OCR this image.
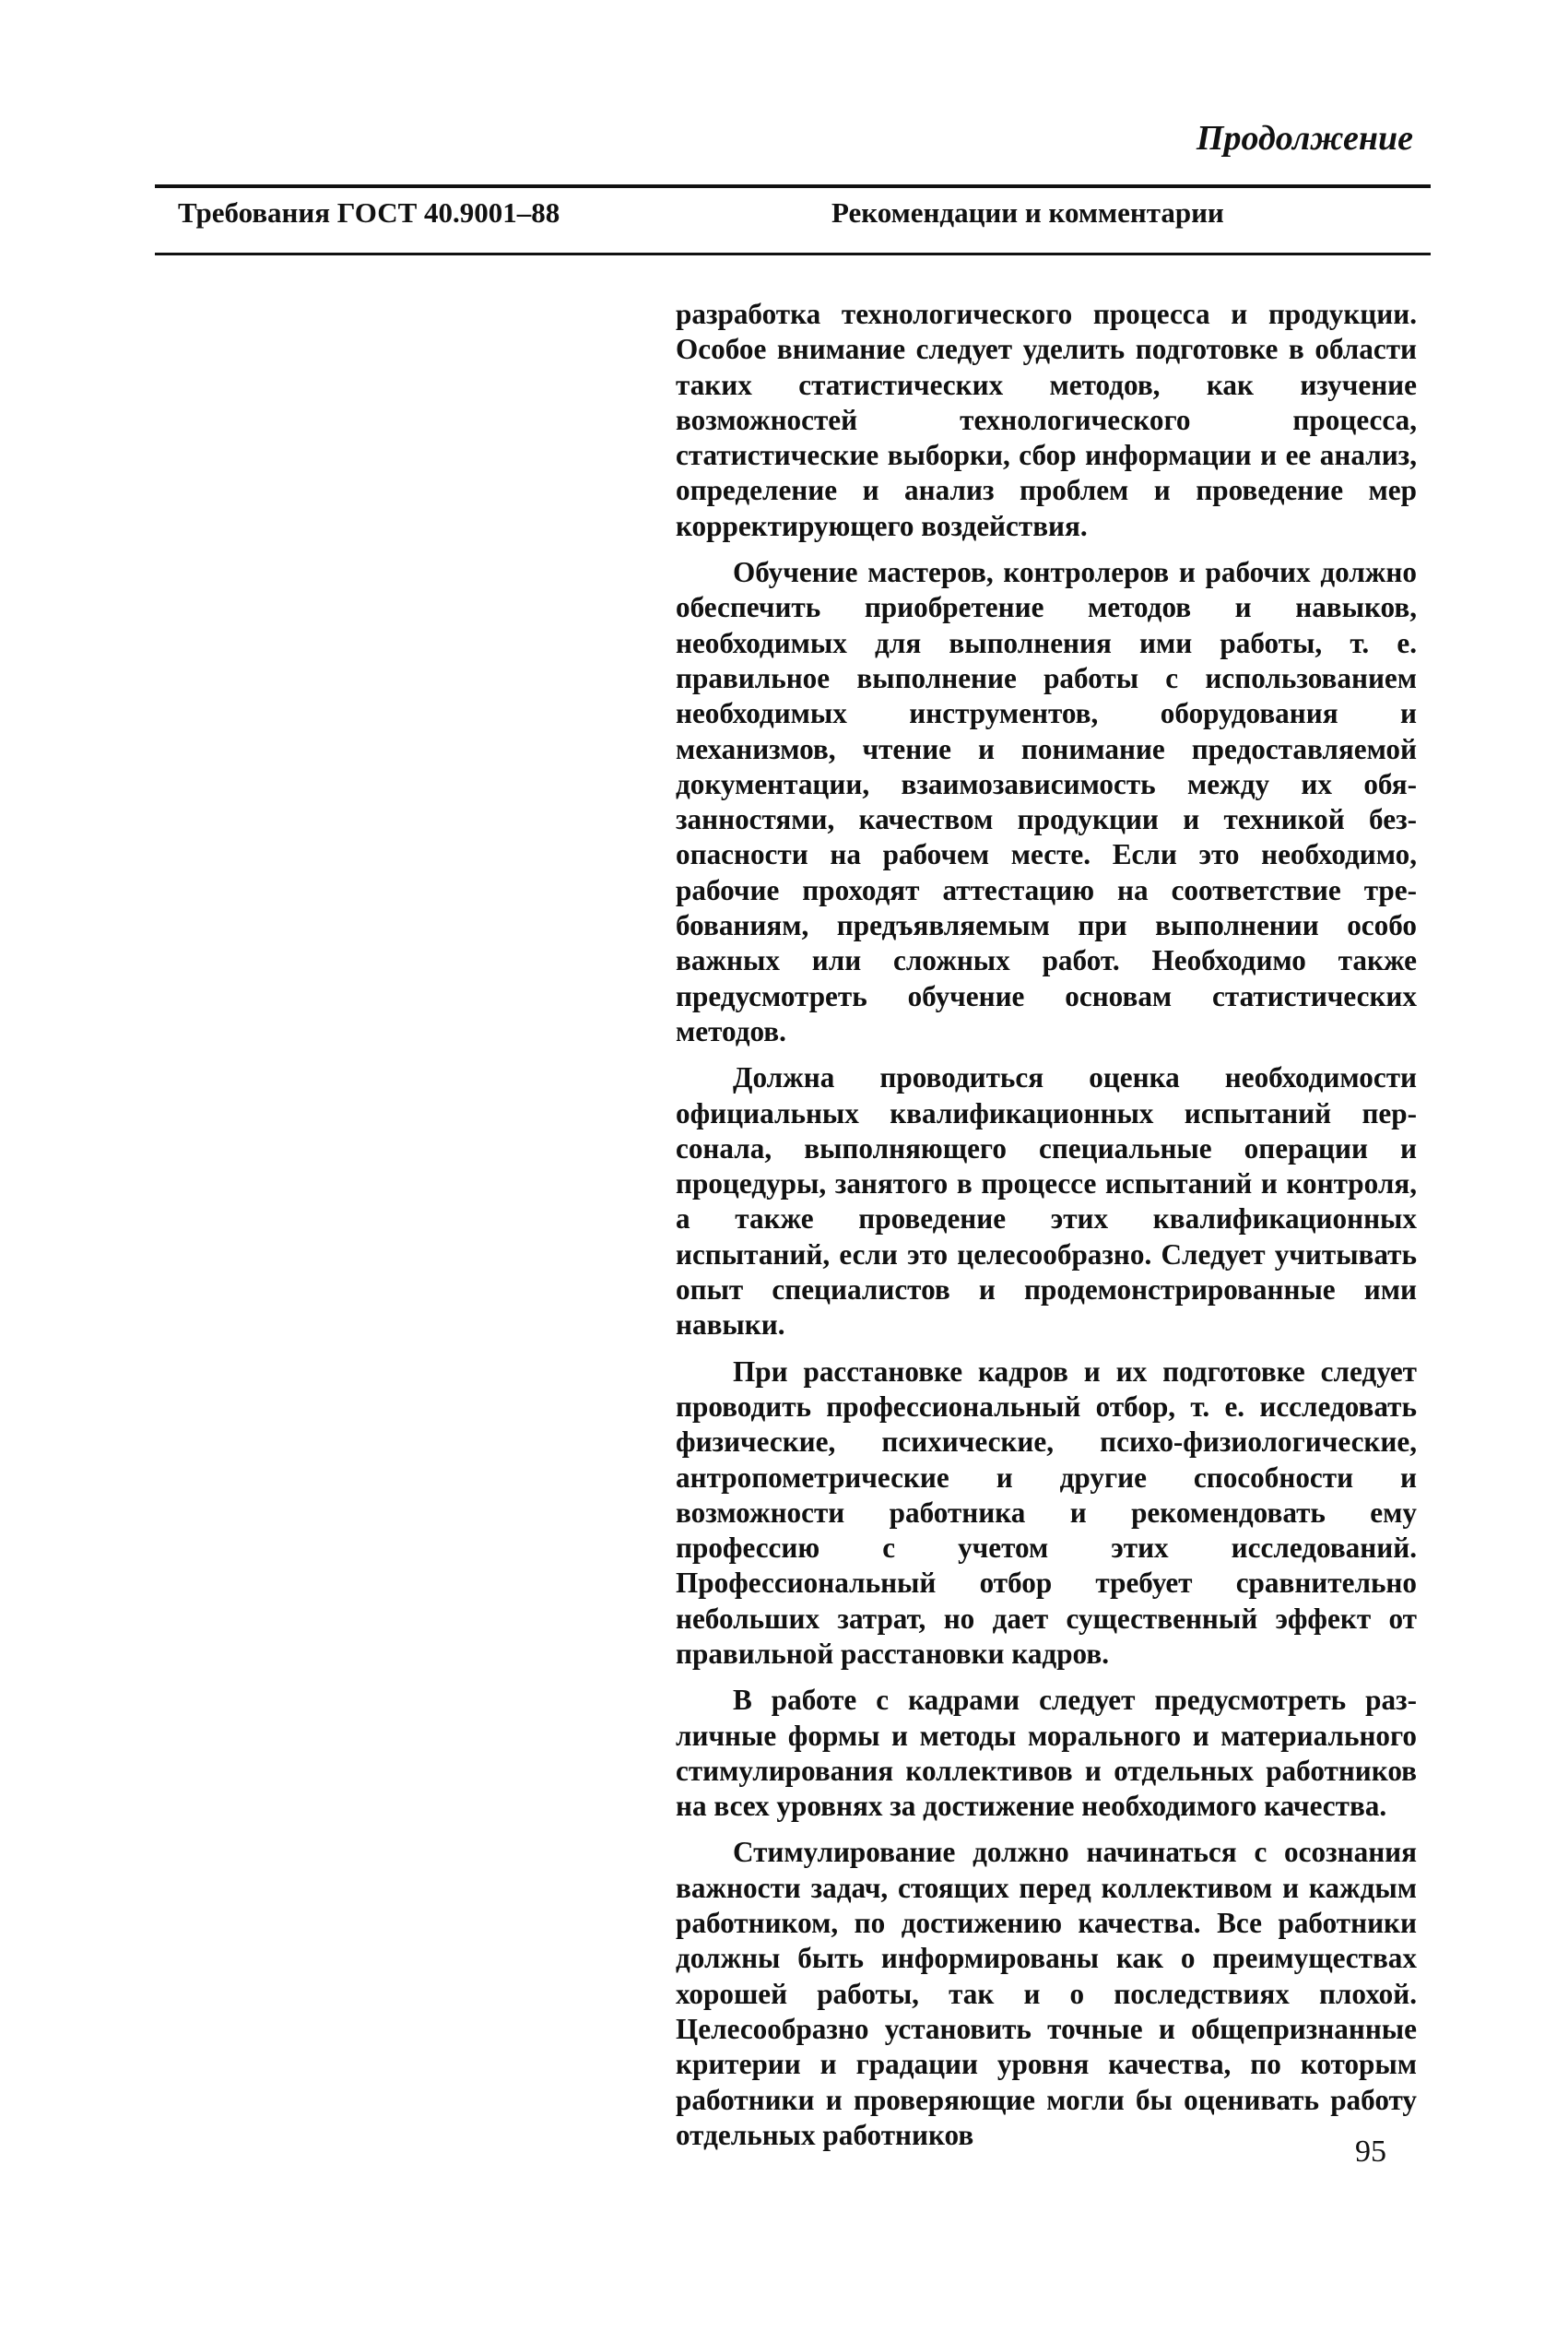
Продолжение

Требования ГОСТ 40.9001–88	Рекомендации и комментарии

разработка технологического процесса и продукции. Особое внимание следует уделить подготовке в области таких статистических методов, как изучение возможностей технологического процесса, статистические выборки, сбор информации и ее анализ, определение и анализ проблем и проведение мер корректирующего воздействия.

Обучение мастеров, контролеров и рабочих должно обеспечить приобретение методов и навыков, необходимых для выполнения ими работы, т. е. правильное выполнение работы с использованием необходимых инструментов, оборудования и механизмов, чтение и понимание предоставляемой документации, взаимозависимость между их обязанностями, качеством продукции и техникой безопасности на рабочем месте. Если это необходимо, рабочие проходят аттестацию на соответствие требованиям, предъявляемым при выполнении особо важных или сложных работ. Необходимо также предусмотреть обучение основам статистических методов.

Должна проводиться оценка необходимости официальных квалификационных испытаний персонала, выполняющего специальные операции и процедуры, занятого в процессе испытаний и контроля, а также проведение этих квалификационных испытаний, если это целесообразно. Следует учитывать опыт специалистов и продемонстрированные ими навыки.

При расстановке кадров и их подготовке следует проводить профессиональный отбор, т. е. исследовать физические, психические, психо-физиологические, антропометрические и другие способности и возможности работника и рекомендовать ему профессию с учетом этих исследований. Профессиональный отбор требует сравнительно небольших затрат, но дает существенный эффект от правильной расстановки кадров.

В работе с кадрами следует предусмотреть различные формы и методы морального и материального стимулирования коллективов и отдельных работников на всех уровнях за достижение необходимого качества.

Стимулирование должно начинаться с осознания важности задач, стоящих перед коллективом и каждым работником, по достижению качества. Все работники должны быть информированы как о преимуществах хорошей работы, так и о последствиях плохой. Целесообразно установить точные и общепризнанные критерии и градации уровня качества, по которым работники и проверяющие могли бы оценивать работу отдельных работников	95
